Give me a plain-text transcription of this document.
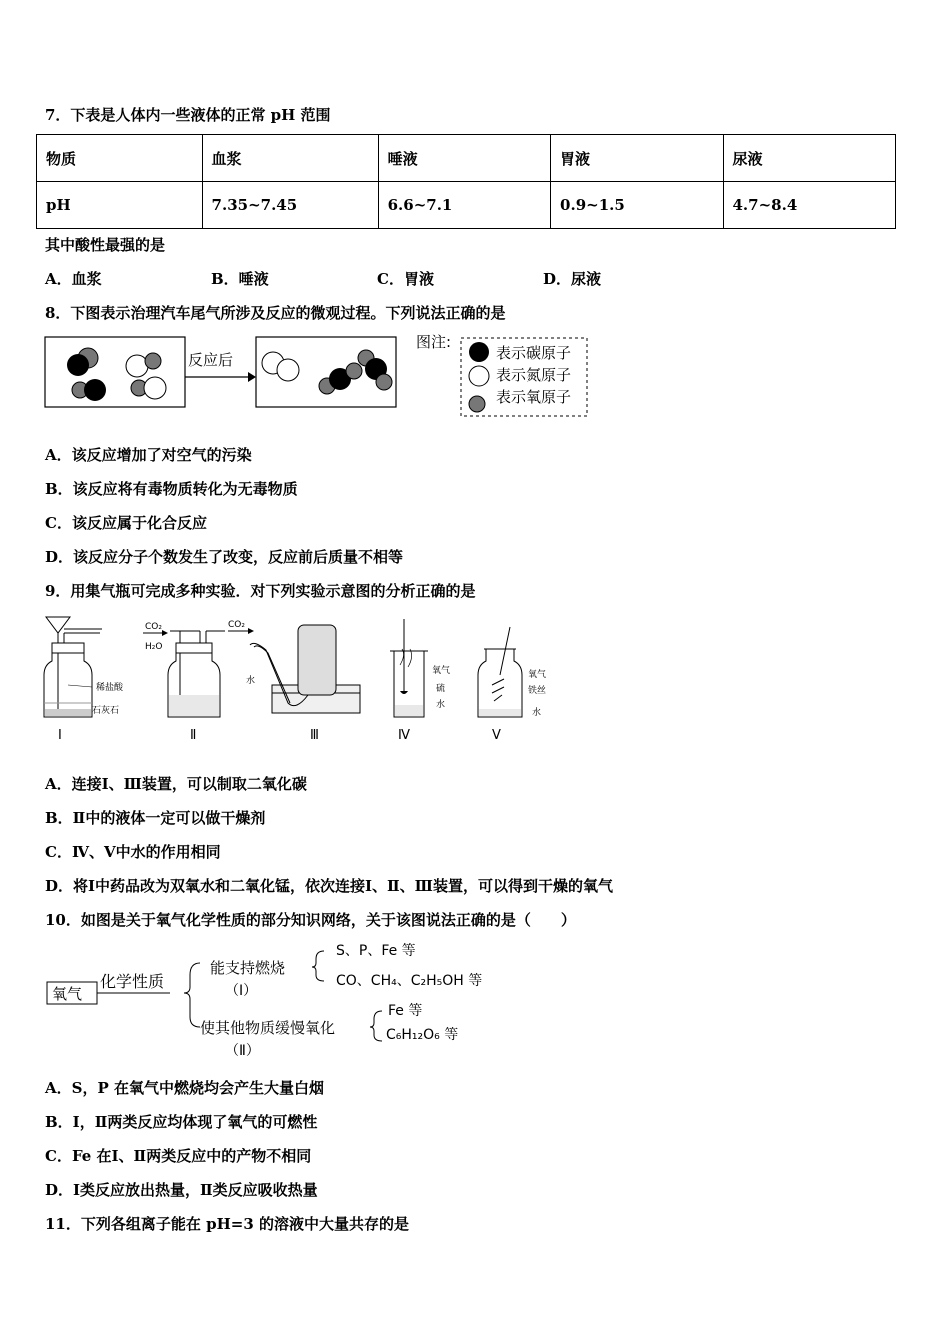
7．下表是人体内一些液体的正常 pH 范围
物质	血浆	唾液	胃液	尿液
pH	7.35~7.45	6.6~7.1	0.9~1.5	4.7~8.4
其中酸性最强的是
A．血浆	B．唾液	C．胃液	D．尿液
8．下图表示治理汽车尾气所涉及反应的微观过程。下列说法正确的是
反应后
图注:
表示碳原子
表示氮原子
表示氧原子
A．该反应增加了对空气的污染
B．该反应将有毒物质转化为无毒物质
C．该反应属于化合反应
D．该反应分子个数发生了改变，反应前后质量不相等
9．用集气瓶可完成多种实验．对下列实验示意图的分析正确的是
稀盐酸
石灰石
Ⅰ
CO₂
H₂O
CO₂
Ⅱ
水
Ⅲ
氧气
硫
水
Ⅳ
氧气
铁丝
水
Ⅴ
A．连接Ⅰ、Ⅲ装置，可以制取二氧化碳
B．Ⅱ中的液体一定可以做干燥剂
C．Ⅳ、Ⅴ中水的作用相同
D．将Ⅰ中药品改为双氧水和二氧化锰，依次连接Ⅰ、Ⅱ、Ⅲ装置，可以得到干燥的氧气
10．如图是关于氧气化学性质的部分知识网络，关于该图说法正确的是（　　）
氧气
化学性质
能支持燃烧
（Ⅰ）
S、P、Fe 等
CO、CH₄、C₂H₅OH 等
使其他物质缓慢氧化
（Ⅱ）
Fe 等
C₆H₁₂O₆ 等
A．S，P 在氧气中燃烧均会产生大量白烟
B．Ⅰ，Ⅱ两类反应均体现了氧气的可燃性
C．Fe 在Ⅰ、Ⅱ两类反应中的产物不相同
D．Ⅰ类反应放出热量，Ⅱ类反应吸收热量
11．下列各组离子能在 pH=3 的溶液中大量共存的是
